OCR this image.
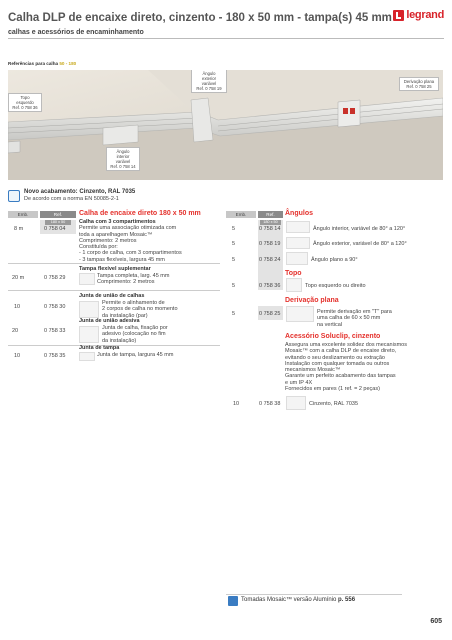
Calha DLP de encaixe direto, cinzento - 180 x 50 mm - tampa(s) 45 mm
calhas e acessórios de encaminhamento
legrand
Referências para calha 50 - 180
Topo esquerdo
Ref. 0 758 36
Ângulo exterior
variável
Ref. 0 758 19
Derivação plana
Ref. 0 758 25
Ângulo interior
variável
Ref. 0 758 14
Novo acabamento: Cinzento, RAL 7035
De acordo com a norma EN 50085-2-1
Emb.	Ref.	Calha de encaixe direto 180 x 50 mm
180 x 50
8 m	0 758 04
Calha com 3 compartimentos
Permite uma associação otimizada com
toda a aparelhagem Mosaic™
Comprimento: 2 metros
Constituída por:
- 1 corpo de calha, com 3 compartimentos
- 3 tampas flexíveis, largura 45 mm
20 m	0 758 29
Tampa flexível suplementar
Tampa completa, larg. 45 mm
Comprimento: 2 metros
10	0 758 30
Junta de união de calhas
Permite o alinhamento de
2 corpos de calha no momento
da instalação (par)
20	0 758 33
Junta de união adesiva
Junta de calha, fixação por
adesivo (colocação no fim
da instalação)
10	0 758 35
Junta de tampa
Junta de tampa, largura 45 mm
Emb.	Ref.	Ângulos
180 x 50
5	0 758 14	Ângulo interior, variável de 80° a 120°
5	0 758 19	Ângulo exterior, variável de 80° a 120°
5	0 758 24	Ângulo plano a 90°
Topo
5	0 758 36	Topo esquerdo ou direito
Derivação plana
5	0 758 25	Permite derivação em "T" para
uma calha de 60 x 50 mm
na vertical
Acessório Soluclip, cinzento
Assegura uma excelente solidez dos mecanismos
Mosaic™ com a calha DLP de encaixe direto,
evitando o seu deslizamento ou extração
Instalação com qualquer tomada ou outros
mecanismos Mosaic™
Garante um perfeito acabamento das tampas
e um IP 4X
Fornecidos em pares (1 ref. = 2 peças)
10	0 758 38	Cinzento, RAL 7035
Tomadas Mosaic™ versão Alumínio p. 556
605
